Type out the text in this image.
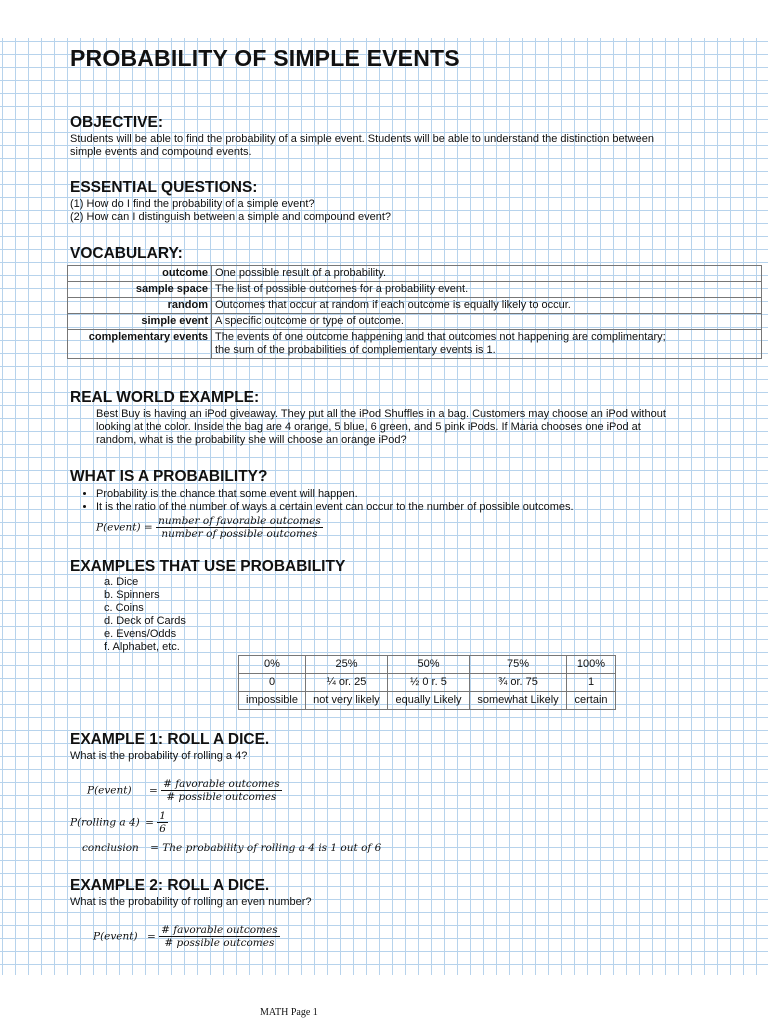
PROBABILITY OF SIMPLE EVENTS
OBJECTIVE:
Students will be able to find the probability of a simple event. Students will be able to understand the distinction between
simple events and compound events.
ESSENTIAL QUESTIONS:
(1) How do I find the probability of a simple event?
(2) How can I distinguish between a simple and compound event?
VOCABULARY:
outcome	One possible result of a probability.
sample space	The list of possible outcomes for a probability event.
random	Outcomes that occur at random if each outcome is equally likely to occur.
simple event	A specific outcome or type of outcome.
complementary events	The events of one outcome happening and that outcomes not happening are complimentary;
the sum of the probabilities of complementary events is 1.
REAL WORLD EXAMPLE:
Best Buy is having an iPod giveaway. They put all the iPod Shuffles in a bag. Customers may choose an iPod without
looking at the color. Inside the bag are 4 orange, 5 blue, 6 green, and 5 pink iPods. If Maria chooses one iPod at
random, what is the probability she will choose an orange iPod?
WHAT IS A PROBABILITY?
• Probability is the chance that some event will happen.
• It is the ratio of the number of ways a certain event can occur to the number of possible outcomes.
P(event) = $\frac{\text{number of favorable outcomes}}{\text{number of possible outcomes}}$
EXAMPLES THAT USE PROBABILITY
a. Dice
b. Spinners
c. Coins
d. Deck of Cards
e. Evens/Odds
f. Alphabet, etc.
0%	25%	50%	75%	100%
0	¼ or. 25	½ 0 r. 5	¾ or. 75	1
impossible	not very likely	equally Likely	somewhat Likely	certain
EXAMPLE 1: ROLL A DICE.
What is the probability of rolling a 4?
P(event) = $\frac{\text{\# favorable outcomes}}{\text{\# possible outcomes}}$
P(rolling a $4) = \frac{1}{6}$
conclusion = The probability of rolling a 4 is 1 out of 6
EXAMPLE 2: ROLL A DICE.
What is the probability of rolling an even number?
P(event) = $\frac{\text{\# favorable outcomes}}{\text{\# possible outcomes}}$
MATH Page 1
